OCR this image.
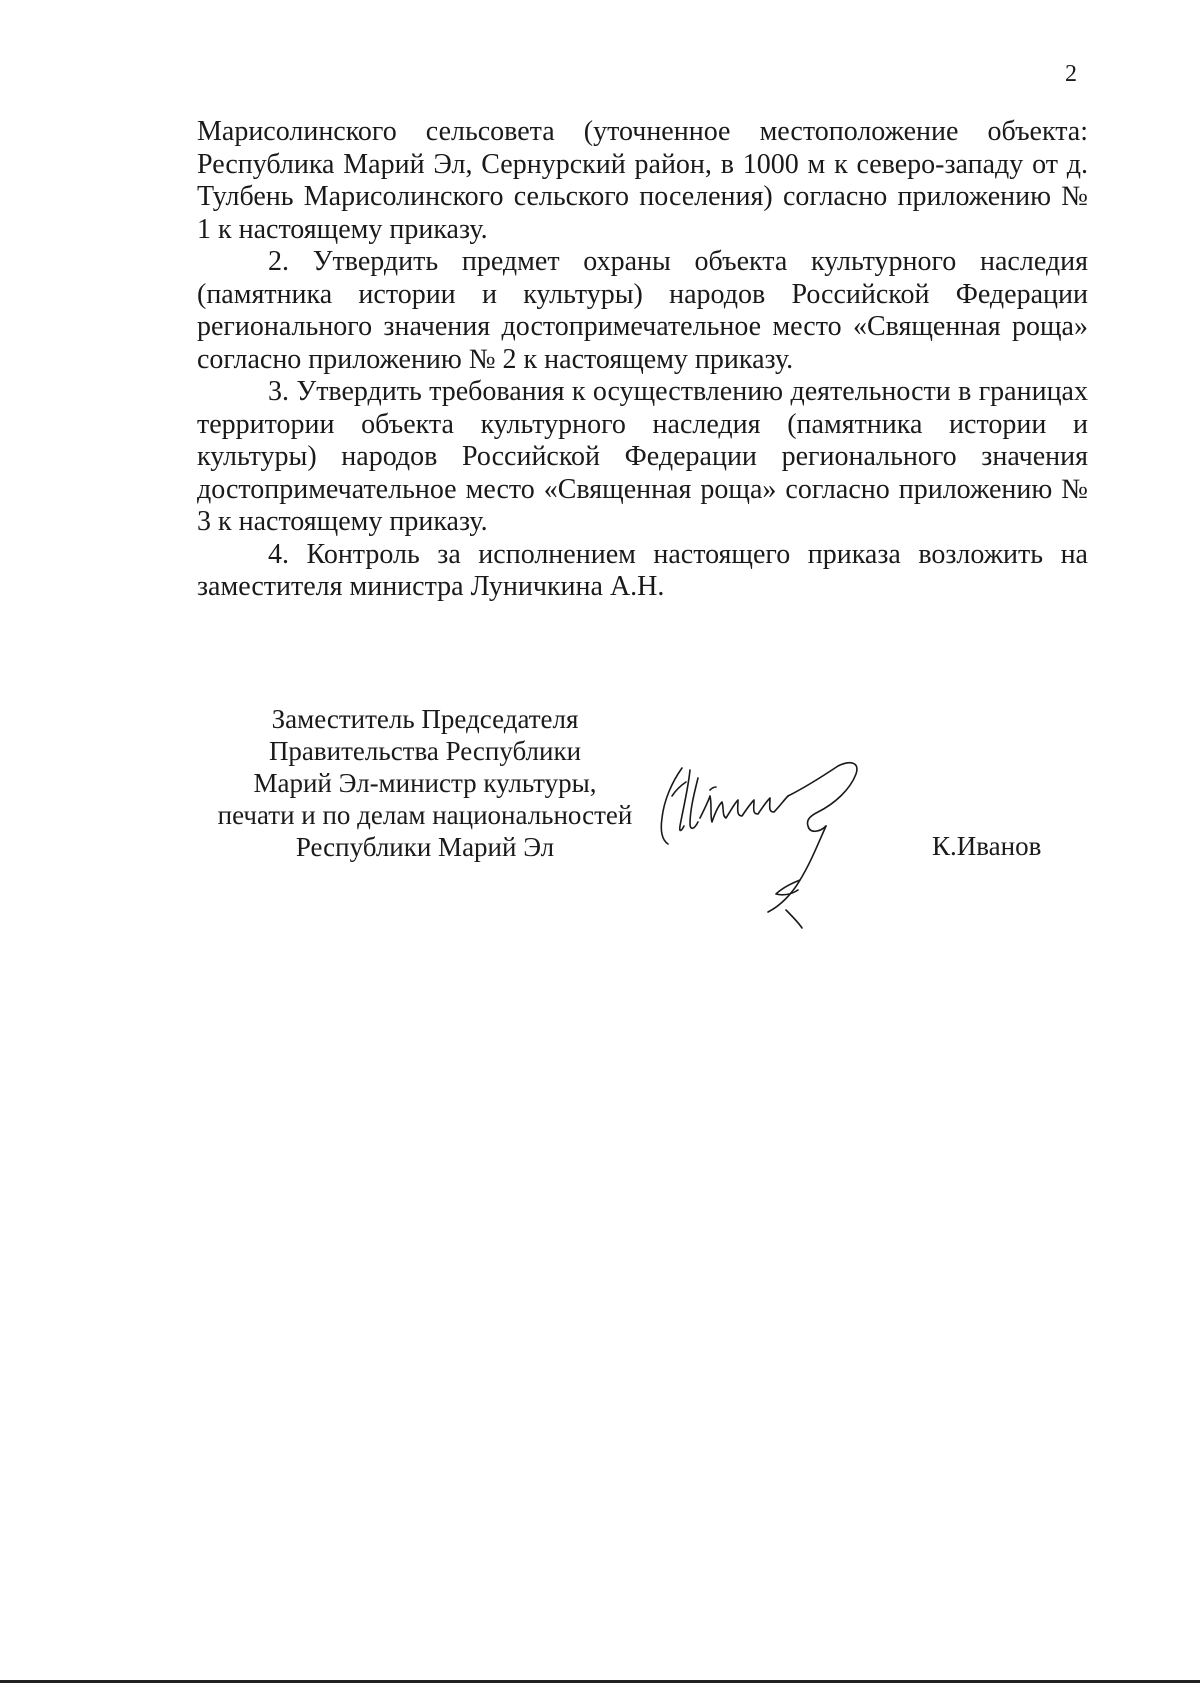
2

Марисолинского сельсовета (уточненное местоположение объекта: Республика Марий Эл, Сернурский район, в 1000 м к северо-западу от д. Тулбень Марисолинского сельского поселения) согласно приложению № 1 к настоящему приказу.

2. Утвердить предмет охраны объекта культурного наследия (памятника истории и культуры) народов Российской Федерации регионального значения достопримечательное место «Священная роща» согласно приложению № 2 к настоящему приказу.

3. Утвердить требования к осуществлению деятельности в границах территории объекта культурного наследия (памятника истории и культуры) народов Российской Федерации регионального значения достопримечательное место «Священная роща» согласно приложению № 3 к настоящему приказу.

4. Контроль за исполнением настоящего приказа возложить на заместителя министра Луничкина А.Н.

Заместитель Председателя
Правительства Республики
Марий Эл-министр культуры,
печати и по делам национальностей
Республики Марий Эл	К.Иванов
